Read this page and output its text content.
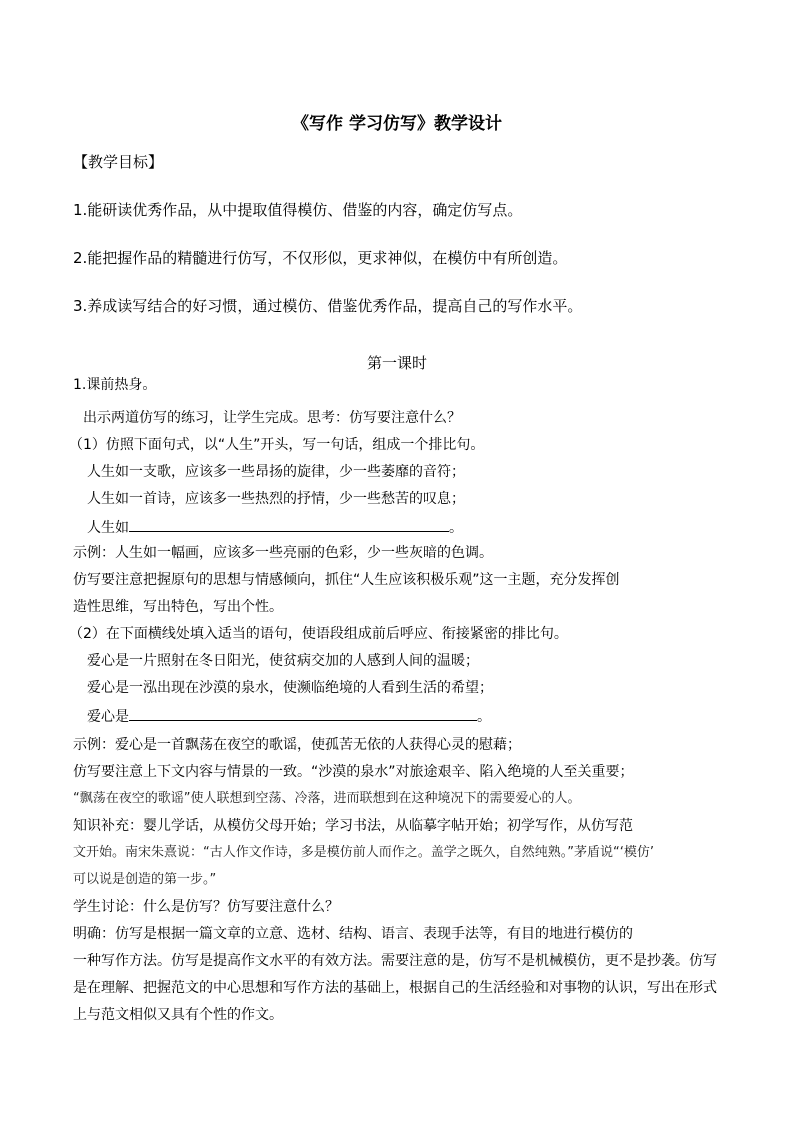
《写作 学习仿写》教学设计
【教学目标】
1.能研读优秀作品，从中提取值得模仿、借鉴的内容，确定仿写点。
2.能把握作品的精髓进行仿写，不仅形似，更求神似，在模仿中有所创造。
3.养成读写结合的好习惯，通过模仿、借鉴优秀作品，提高自己的写作水平。
第一课时
1.课前热身。
出示两道仿写的练习，让学生完成。思考：仿写要注意什么？
（1）仿照下面句式，以“人生”开头，写一句话，组成一个排比句。
人生如一支歌，应该多一些昂扬的旋律，少一些萎靡的音符；
人生如一首诗，应该多一些热烈的抒情，少一些愁苦的叹息；
人生如	。
示例：人生如一幅画，应该多一些亮丽的色彩，少一些灰暗的色调。
仿写要注意把握原句的思想与情感倾向，抓住“人生应该积极乐观”这一主题，充分发挥创
造性思维，写出特色，写出个性。
（2）在下面横线处填入适当的语句，使语段组成前后呼应、衔接紧密的排比句。
爱心是一片照射在冬日阳光，使贫病交加的人感到人间的温暖；
爱心是一泓出现在沙漠的泉水，使濒临绝境的人看到生活的希望；
爱心是	。
示例：爱心是一首飘荡在夜空的歌谣，使孤苦无依的人获得心灵的慰藉；
仿写要注意上下文内容与情景的一致。“沙漠的泉水”对旅途艰辛、陷入绝境的人至关重要；
“飘荡在夜空的歌谣”使人联想到空荡、冷落，进而联想到在这种境况下的需要爱心的人。
知识补充：婴儿学话，从模仿父母开始；学习书法，从临摹字帖开始；初学写作，从仿写范
文开始。南宋朱熹说：“古人作文作诗，多是模仿前人而作之。盖学之既久，自然纯熟。”茅盾说“‘模仿’
可以说是创造的第一步。”
学生讨论：什么是仿写？仿写要注意什么？
明确：仿写是根据一篇文章的立意、选材、结构、语言、表现手法等，有目的地进行模仿的
一种写作方法。仿写是提高作文水平的有效方法。需要注意的是，仿写不是机械模仿，更不是抄袭。仿写
是在理解、把握范文的中心思想和写作方法的基础上，根据自己的生活经验和对事物的认识，写出在形式
上与范文相似又具有个性的作文。
